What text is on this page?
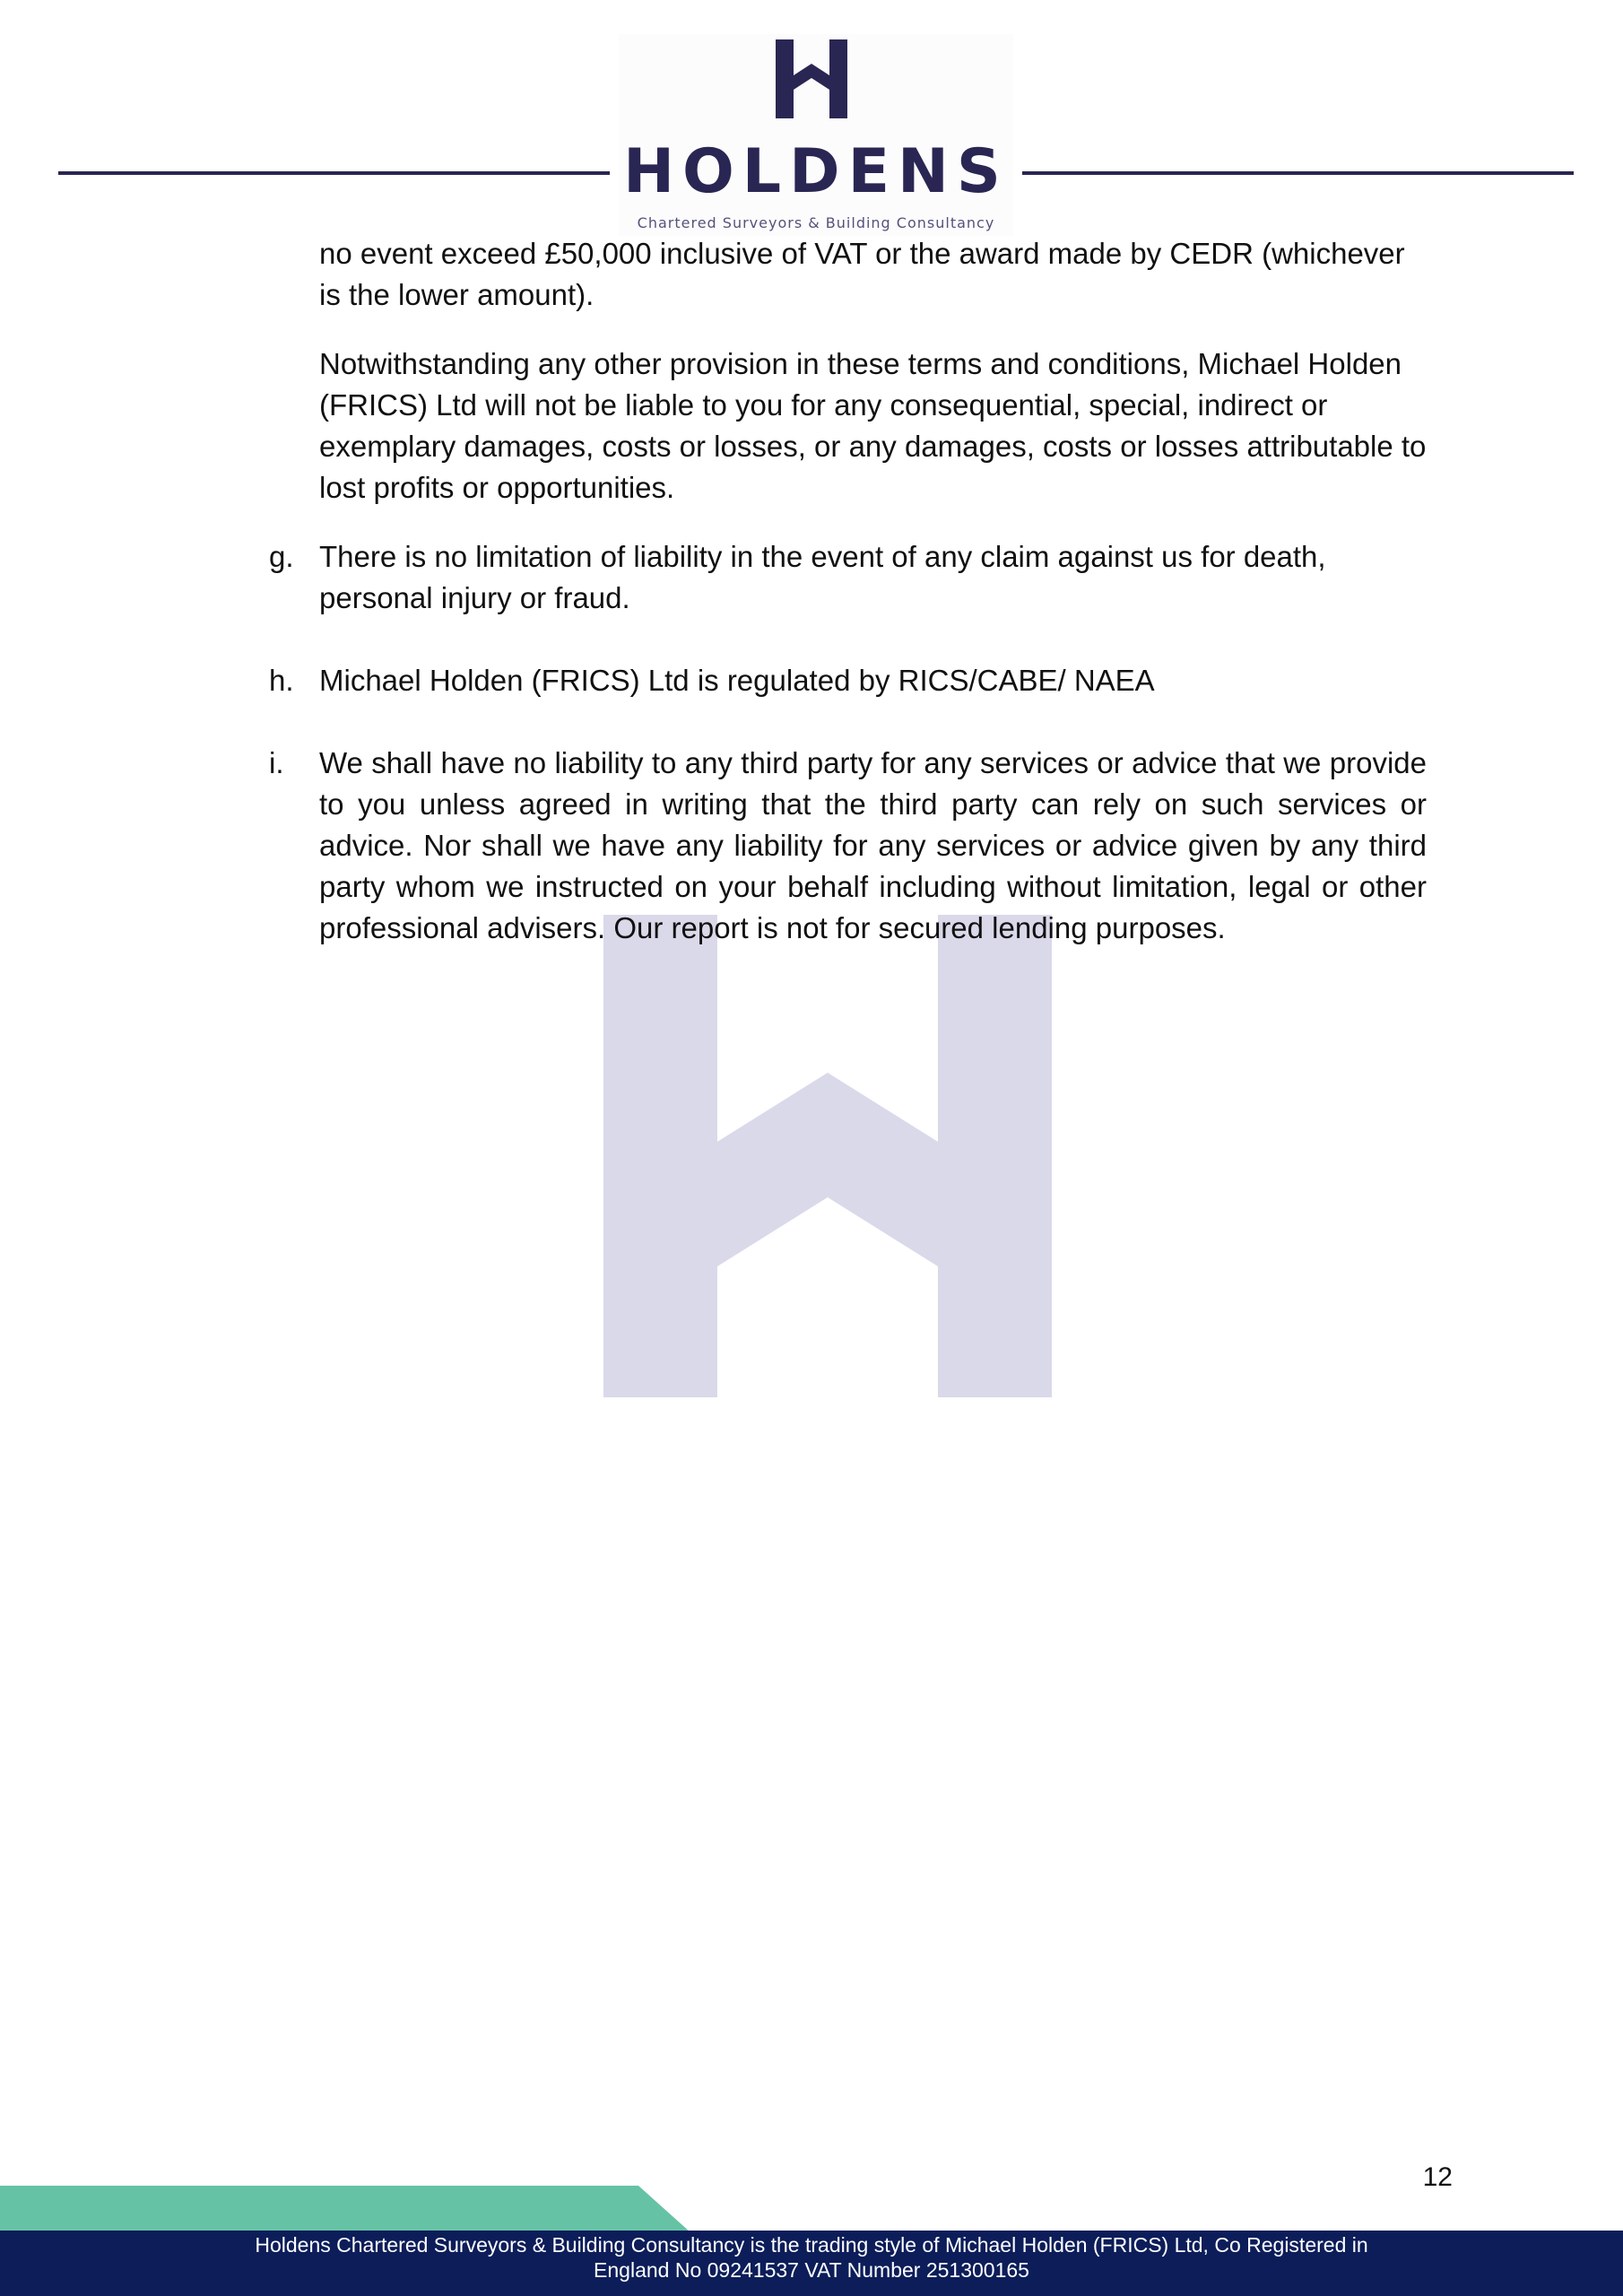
HOLDENS
Chartered Surveyors & Building Consultancy

no event exceed £50,000 inclusive of VAT or the award made by CEDR (whichever is the lower amount).

Notwithstanding any other provision in these terms and conditions, Michael Holden (FRICS) Ltd will not be liable to you for any consequential, special, indirect or exemplary damages, costs or losses, or any damages, costs or losses attributable to lost profits or opportunities.

g. There is no limitation of liability in the event of any claim against us for death, personal injury or fraud.

h. Michael Holden (FRICS) Ltd is regulated by RICS/CABE/ NAEA

i. We shall have no liability to any third party for any services or advice that we provide to you unless agreed in writing that the third party can rely on such services or advice. Nor shall we have any liability for any services or advice given by any third party whom we instructed on your behalf including without limitation, legal or other professional advisers. Our report is not for secured lending purposes.

12
Holdens Chartered Surveyors & Building Consultancy is the trading style of Michael Holden (FRICS) Ltd, Co Registered in
England No 09241537 VAT Number 251300165
